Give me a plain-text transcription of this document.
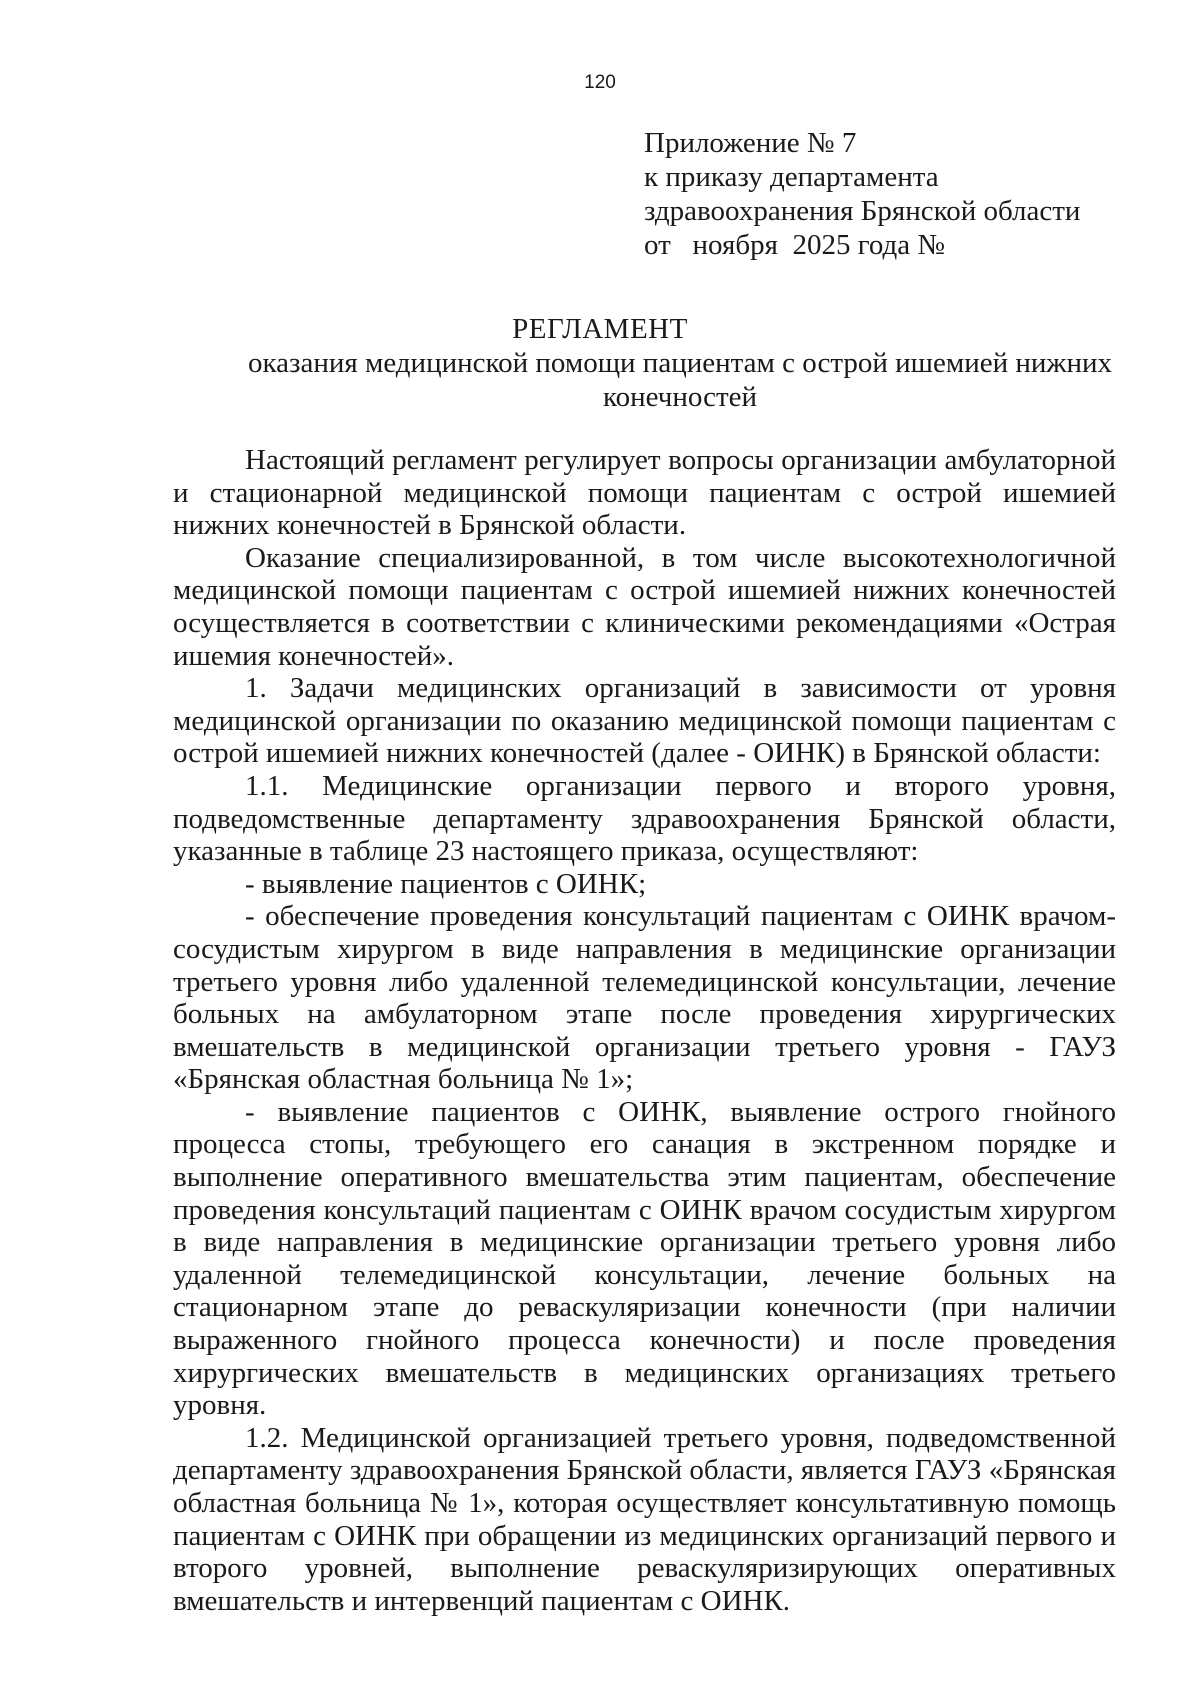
120
Приложение № 7
к приказу департамента
здравоохранения Брянской области
от   ноября  2025 года №
РЕГЛАМЕНТ
оказания медицинской помощи пациентам с острой ишемией нижних конечностей

Настоящий регламент регулирует вопросы организации амбулаторной и стационарной медицинской помощи пациентам с острой ишемией нижних конечностей в Брянской области.

Оказание специализированной, в том числе высокотехнологичной медицинской помощи пациентам с острой ишемией нижних конечностей осуществляется в соответствии с клиническими рекомендациями «Острая ишемия конечностей».

1. Задачи медицинских организаций в зависимости от уровня медицинской организации по оказанию медицинской помощи пациентам с острой ишемией нижних конечностей (далее - ОИНК) в Брянской области:

1.1. Медицинские организации первого и второго уровня, подведомственные департаменту здравоохранения Брянской области, указанные в таблице 23 настоящего приказа, осуществляют:

- выявление пациентов с ОИНК;

- обеспечение проведения консультаций пациентам с ОИНК врачом-сосудистым хирургом в виде направления в медицинские организации третьего уровня либо удаленной телемедицинской консультации, лечение больных на амбулаторном этапе после проведения хирургических вмешательств в медицинской организации третьего уровня - ГАУЗ «Брянская областная больница № 1»;

- выявление пациентов с ОИНК, выявление острого гнойного процесса стопы, требующего его санация в экстренном порядке и выполнение оперативного вмешательства этим пациентам, обеспечение проведения консультаций пациентам с ОИНК врачом сосудистым хирургом в виде направления в медицинские организации третьего уровня либо удаленной телемедицинской консультации, лечение больных на стационарном этапе до реваскуляризации конечности (при наличии выраженного гнойного процесса конечности) и после проведения хирургических вмешательств в медицинских организациях третьего уровня.

1.2. Медицинской организацией третьего уровня, подведомственной департаменту здравоохранения Брянской области, является ГАУЗ «Брянская областная больница № 1», которая осуществляет консультативную помощь пациентам с ОИНК при обращении из медицинских организаций первого и второго уровней, выполнение реваскуляризирующих оперативных вмешательств и интервенций пациентам с ОИНК.
